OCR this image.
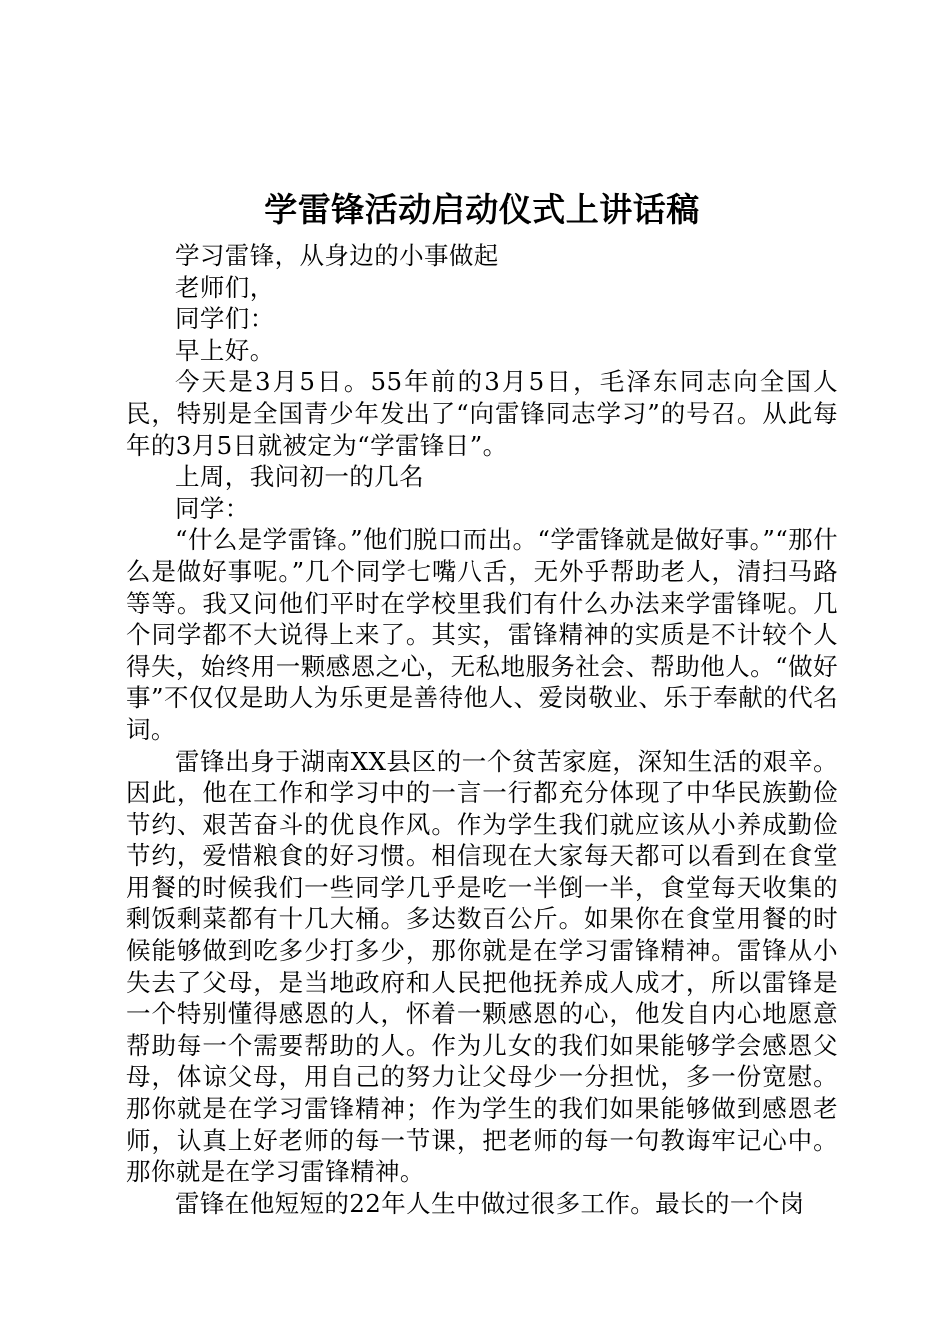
学雷锋活动启动仪式上讲话稿

学习雷锋，从身边的小事做起

老师们，

同学们：

早上好。

今天是3月5日。55年前的3月5日，毛泽东同志向全国人民，特别是全国青少年发出了“向雷锋同志学习”的号召。从此每年的3月5日就被定为“学雷锋日”。

上周，我问初一的几名

同学：

“什么是学雷锋。”他们脱口而出。“学雷锋就是做好事。”“那什么是做好事呢。”几个同学七嘴八舌，无外乎帮助老人，清扫马路等等。我又问他们平时在学校里我们有什么办法来学雷锋呢。几个同学都不大说得上来了。其实，雷锋精神的实质是不计较个人得失，始终用一颗感恩之心，无私地服务社会、帮助他人。“做好事”不仅仅是助人为乐更是善待他人、爱岗敬业、乐于奉献的代名词。

雷锋出身于湖南XX县区的一个贫苦家庭，深知生活的艰辛。因此，他在工作和学习中的一言一行都充分体现了中华民族勤俭节约、艰苦奋斗的优良作风。作为学生我们就应该从小养成勤俭节约，爱惜粮食的好习惯。相信现在大家每天都可以看到在食堂用餐的时候我们一些同学几乎是吃一半倒一半，食堂每天收集的剩饭剩菜都有十几大桶。多达数百公斤。如果你在食堂用餐的时候能够做到吃多少打多少，那你就是在学习雷锋精神。雷锋从小失去了父母，是当地政府和人民把他抚养成人成才，所以雷锋是一个特别懂得感恩的人，怀着一颗感恩的心，他发自内心地愿意帮助每一个需要帮助的人。作为儿女的我们如果能够学会感恩父母，体谅父母，用自己的努力让父母少一分担忧，多一份宽慰。那你就是在学习雷锋精神；作为学生的我们如果能够做到感恩老师，认真上好老师的每一节课，把老师的每一句教诲牢记心中。那你就是在学习雷锋精神。

雷锋在他短短的22年人生中做过很多工作。最长的一个岗
